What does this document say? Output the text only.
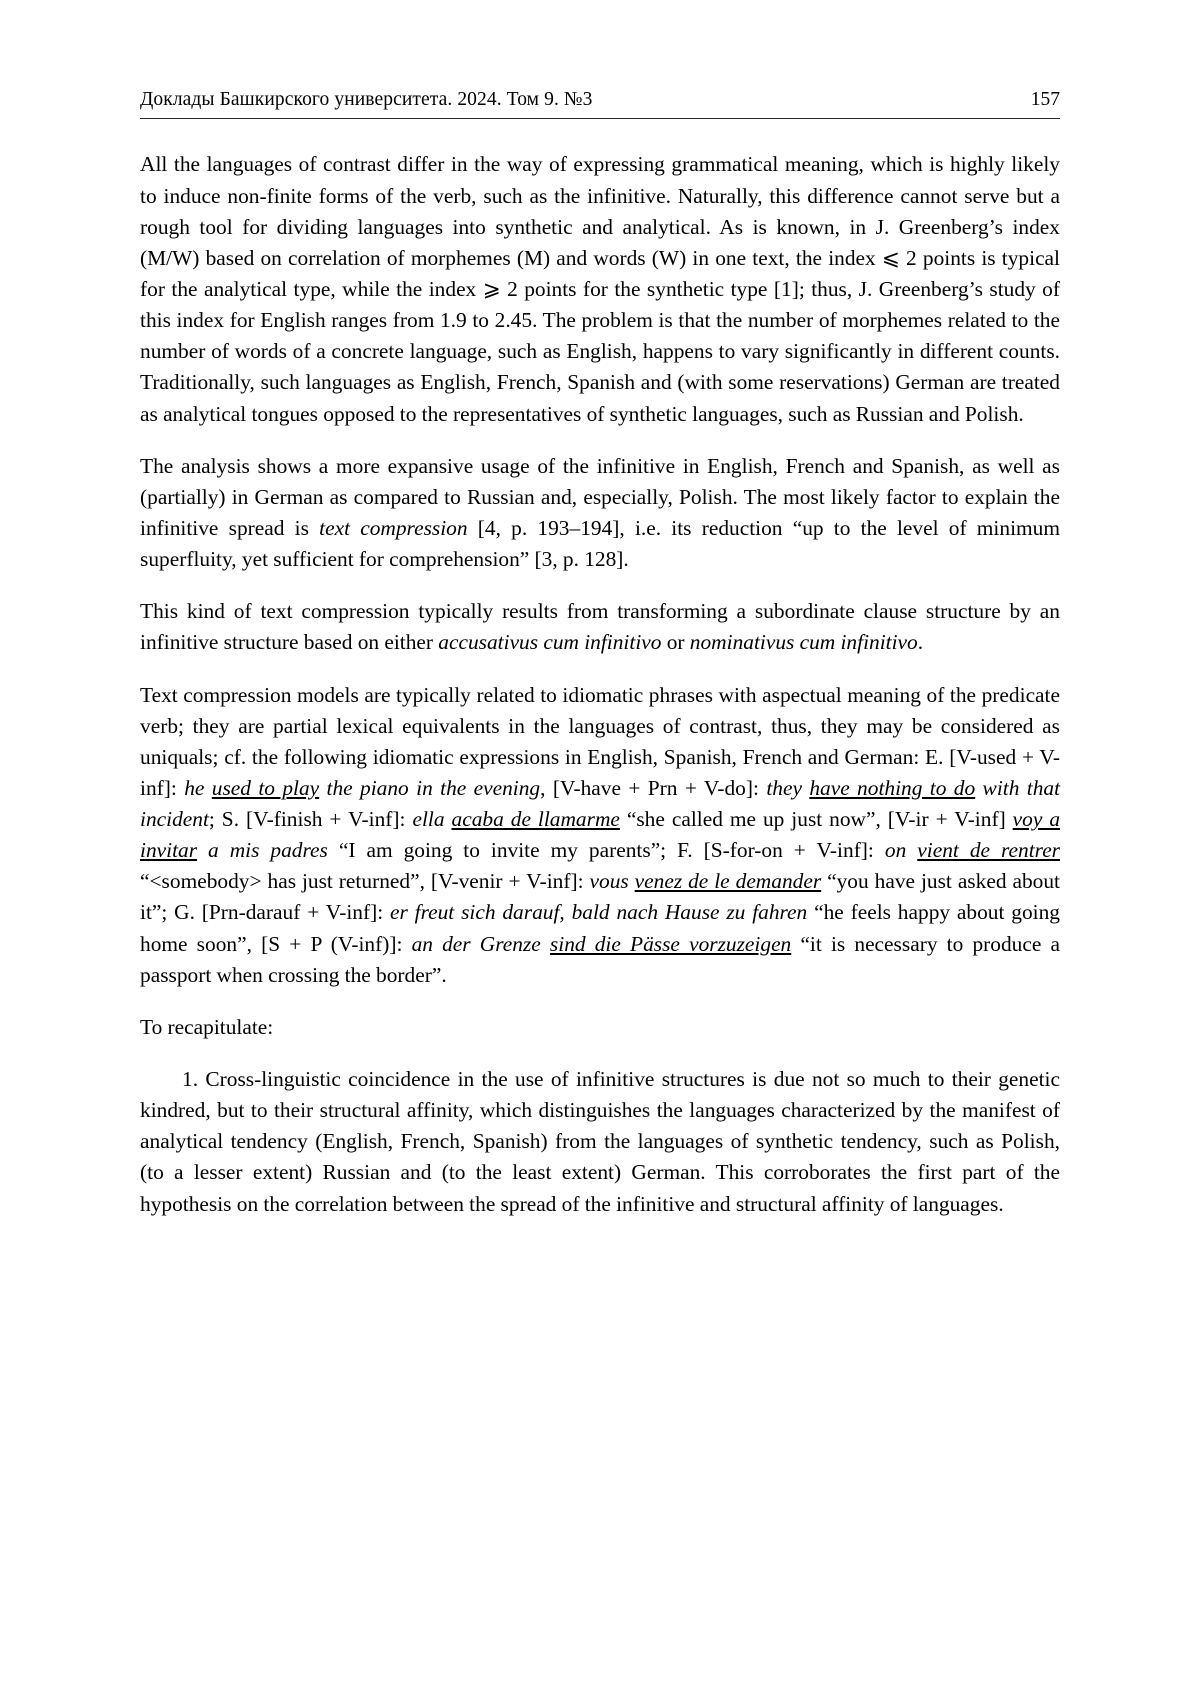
Доклады Башкирского университета. 2024. Том 9. №3	157

All the languages of contrast differ in the way of expressing grammatical meaning, which is highly likely to induce non-finite forms of the verb, such as the infinitive. Naturally, this difference cannot serve but a rough tool for dividing languages into synthetic and analytical. As is known, in J. Greenberg’s index (M/W) based on correlation of morphemes (M) and words (W) in one text, the index ⩽ 2 points is typical for the analytical type, while the index ⩾ 2 points for the synthetic type [1]; thus, J. Greenberg’s study of this index for English ranges from 1.9 to 2.45. The problem is that the number of morphemes related to the number of words of a concrete language, such as English, happens to vary significantly in different counts. Traditionally, such languages as English, French, Spanish and (with some reservations) German are treated as analytical tongues opposed to the representatives of synthetic languages, such as Russian and Polish.

The analysis shows a more expansive usage of the infinitive in English, French and Spanish, as well as (partially) in German as compared to Russian and, especially, Polish. The most likely factor to explain the infinitive spread is text compression [4, p. 193–194], i.e. its reduction “up to the level of minimum superfluity, yet sufficient for comprehension” [3, p. 128].

This kind of text compression typically results from transforming a subordinate clause structure by an infinitive structure based on either accusativus cum infinitivo or nominativus cum infinitivo.

Text compression models are typically related to idiomatic phrases with aspectual meaning of the predicate verb; they are partial lexical equivalents in the languages of contrast, thus, they may be considered as uniquals; cf. the following idiomatic expressions in English, Spanish, French and German: E. [V-used + V-inf]: he used to play the piano in the evening, [V-have + Prn + V-do]: they have nothing to do with that incident; S. [V-finish + V-inf]: ella acaba de llamarme “she called me up just now”, [V-ir + V-inf] voy a invitar a mis padres “I am going to invite my parents”; F. [S-for-on + V-inf]: on vient de rentrer “<somebody> has just returned”, [V-venir + V-inf]: vous venez de le demander “you have just asked about it”; G. [Prn-darauf + V-inf]: er freut sich darauf, bald nach Hause zu fahren “he feels happy about going home soon”, [S + P (V-inf)]: an der Grenze sind die Pässe vorzuzeigen “it is necessary to produce a passport when crossing the border”.

To recapitulate:

1. Cross-linguistic coincidence in the use of infinitive structures is due not so much to their genetic kindred, but to their structural affinity, which distinguishes the languages characterized by the manifest of analytical tendency (English, French, Spanish) from the languages of synthetic tendency, such as Polish, (to a lesser extent) Russian and (to the least extent) German. This corroborates the first part of the hypothesis on the correlation between the spread of the infinitive and structural affinity of languages.
